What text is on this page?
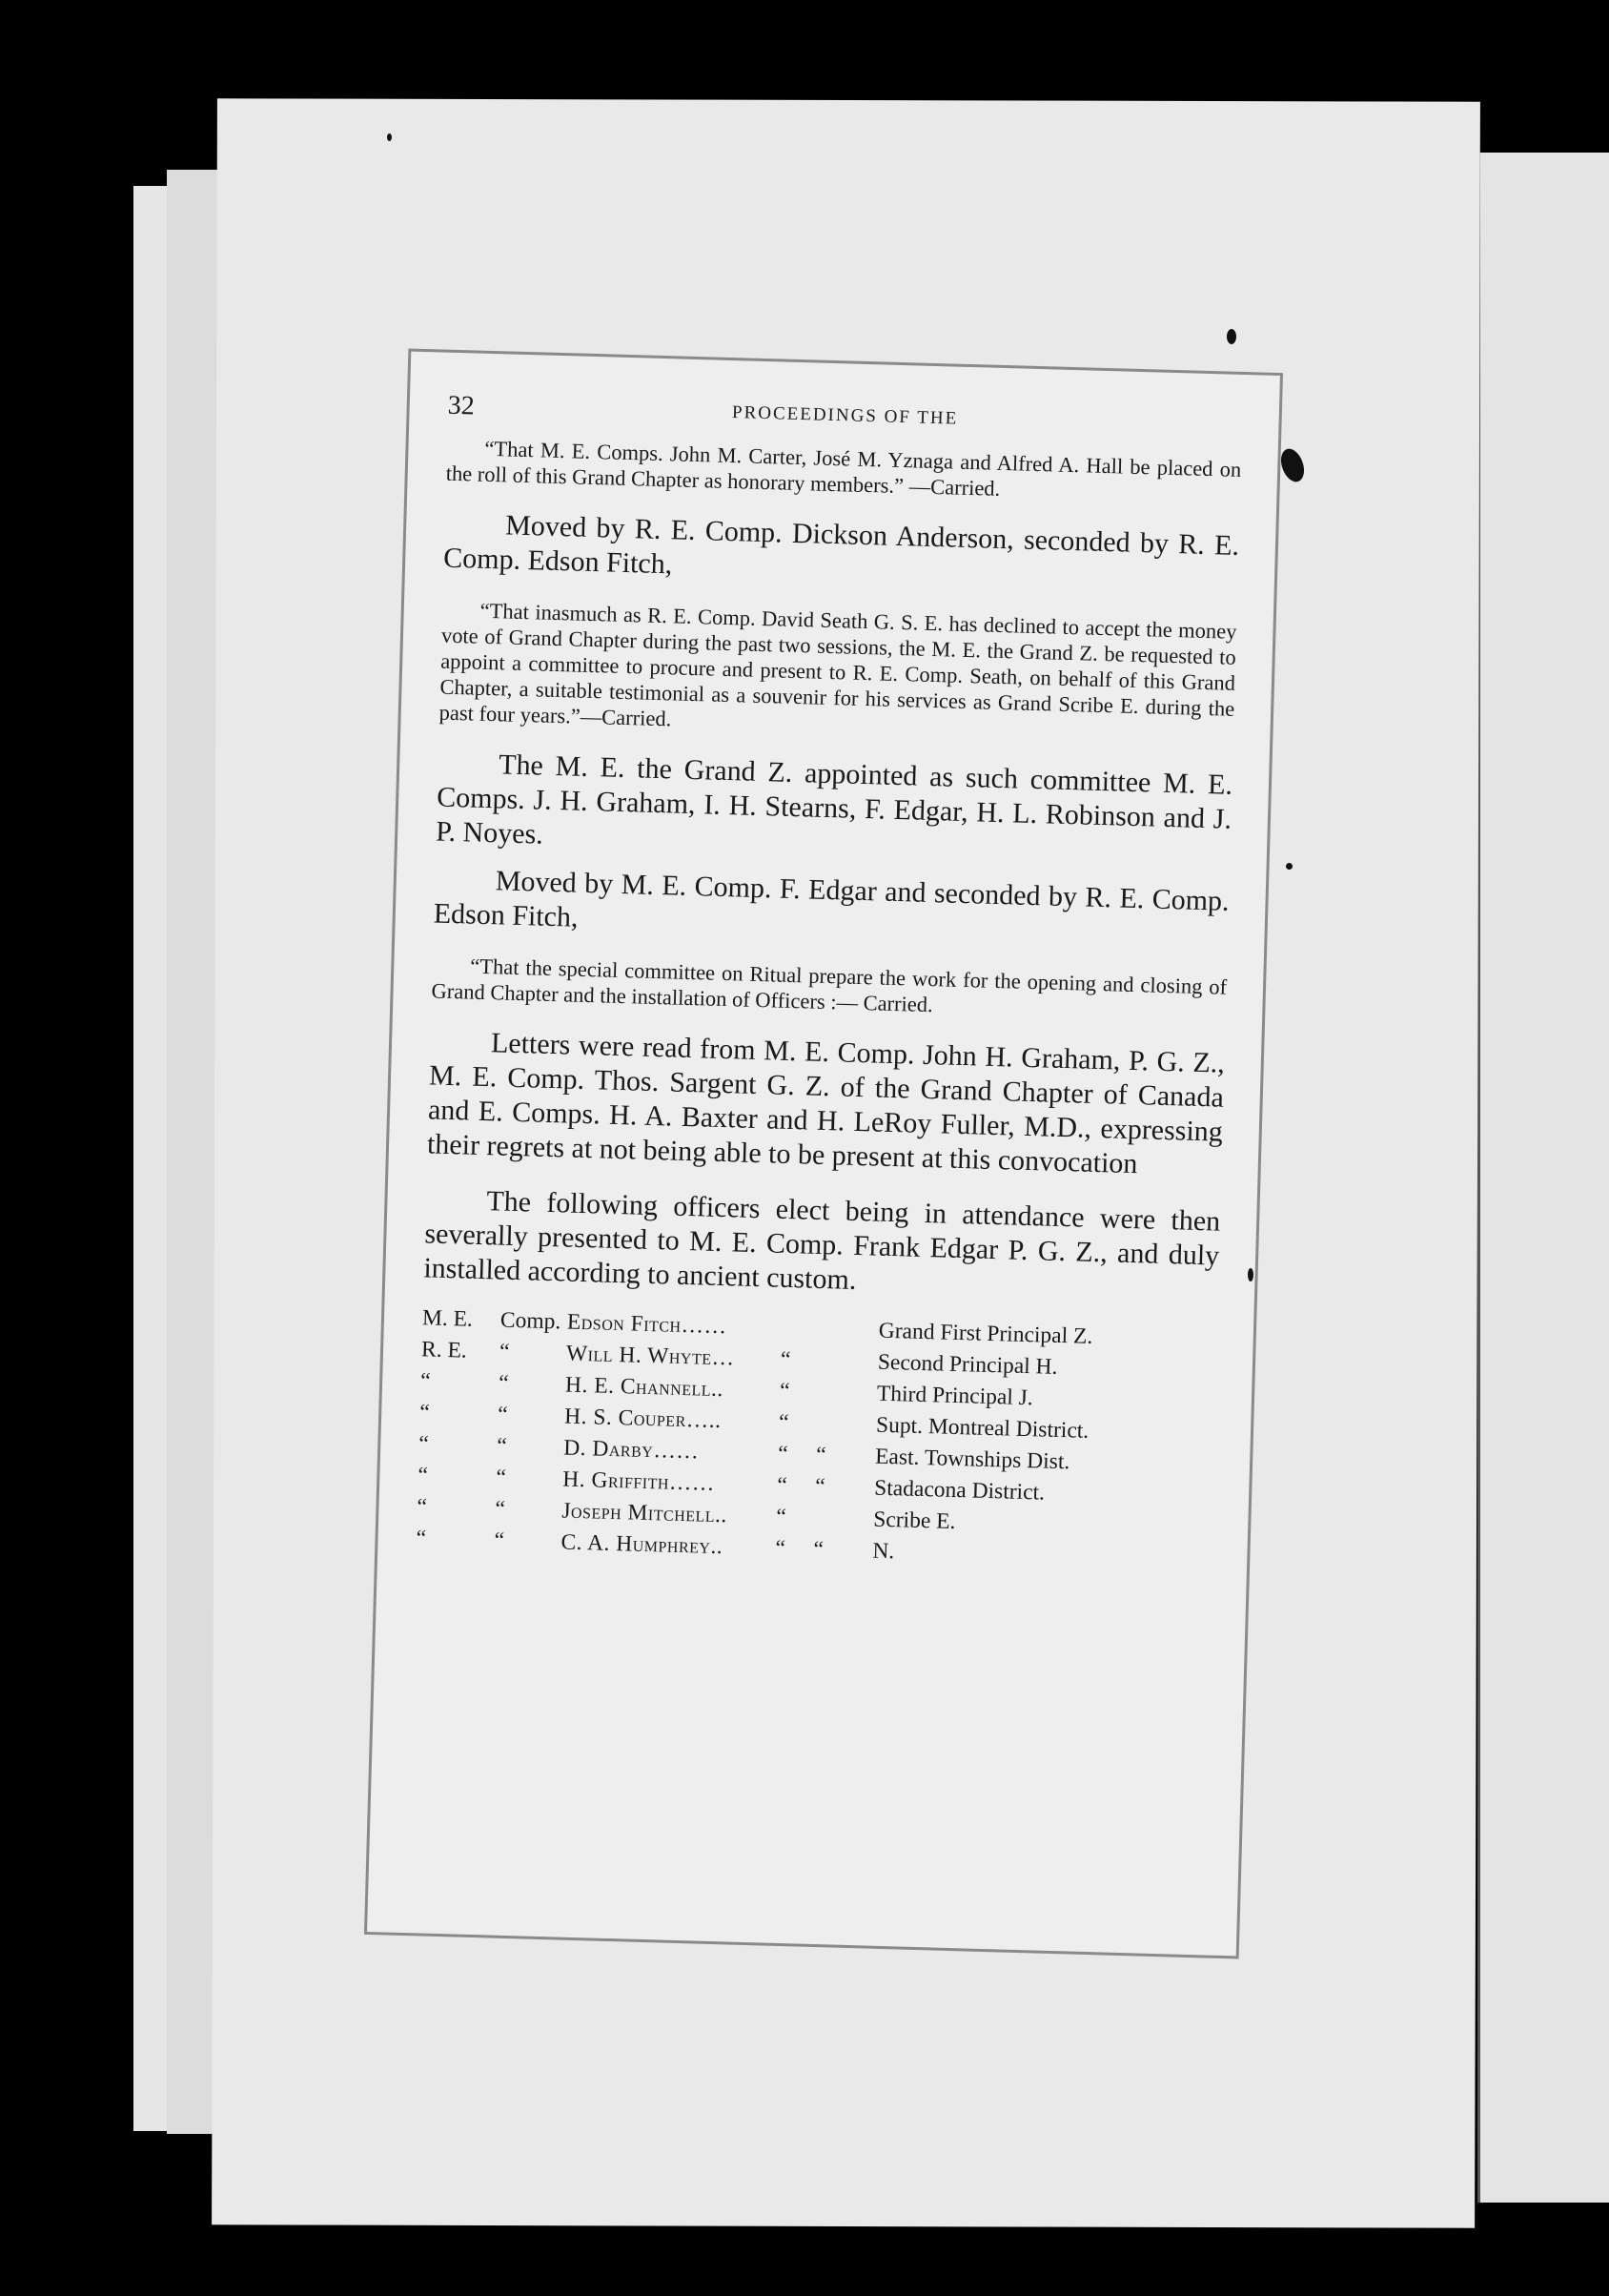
32	PROCEEDINGS OF THE

“That M. E. Comps. John M. Carter, José M. Yznaga and Alfred A. Hall be placed on the roll of this Grand Chapter as honorary members.” —Carried.

Moved by R. E. Comp. Dickson Anderson, seconded by R. E. Comp. Edson Fitch,

“That inasmuch as R. E. Comp. David Seath G. S. E. has declined to accept the money vote of Grand Chapter during the past two sessions, the M. E. the Grand Z. be requested to appoint a committee to procure and present to R. E. Comp. Seath, on behalf of this Grand Chapter, a suitable testimonial as a souvenir for his services as Grand Scribe E. during the past four years.”—Carried.

The M. E. the Grand Z. appointed as such committee M. E. Comps. J. H. Graham, I. H. Stearns, F. Edgar, H. L. Robinson and J. P. Noyes.

Moved by M. E. Comp. F. Edgar and seconded by R. E. Comp. Edson Fitch,

“That the special committee on Ritual prepare the work for the opening and closing of Grand Chapter and the installation of Officers :— Carried.

Letters were read from M. E. Comp. John H. Graham, P. G. Z., M. E. Comp. Thos. Sargent G. Z. of the Grand Chapter of Canada and E. Comps. H. A. Baxter and H. LeRoy Fuller, M.D., expressing their regrets at not being able to be present at this convocation

The following officers elect being in attendance were then severally presented to M. E. Comp. Frank Edgar P. G. Z., and duly installed according to ancient custom.

M. E.	Comp. Edson Fitch……	Grand First Principal Z.
R. E.	“	Will H. Whyte…	“	Second Principal H.
“	“	H. E. Channell..	“	Third Principal J.
“	“	H. S. Couper…..	“	Supt. Montreal District.
“	“	D. Darby……	“	“	East. Townships Dist.
“	“	H. Griffith……	“	“	Stadacona District.
“	“	Joseph Mitchell..	“	Scribe E.
“	“	C. A. Humphrey..	“	“	N.
